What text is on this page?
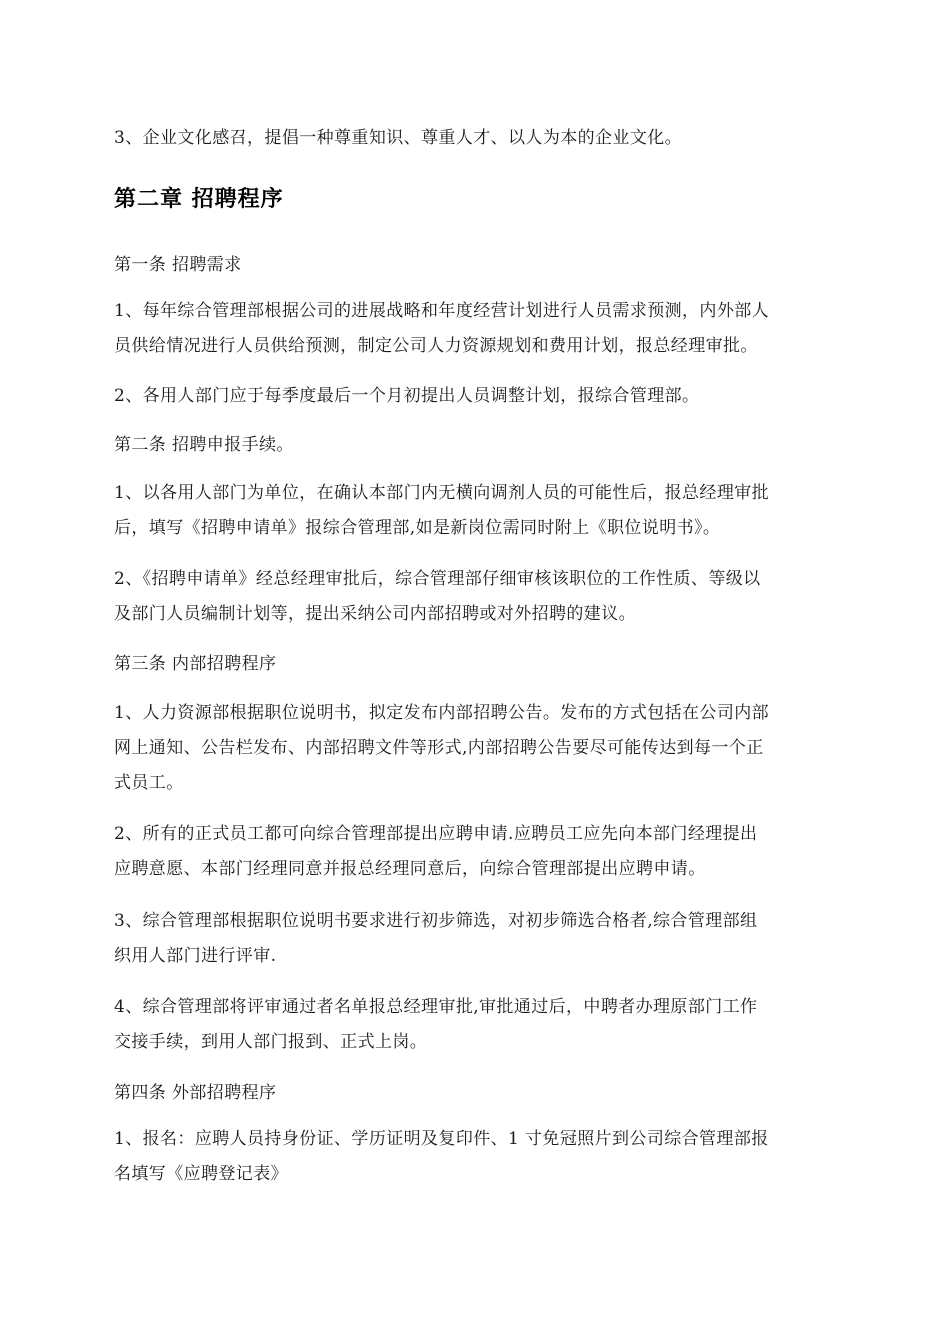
3、企业文化感召，提倡一种尊重知识、尊重人才、以人为本的企业文化。

第二章 招聘程序

第一条 招聘需求

1、每年综合管理部根据公司的进展战略和年度经营计划进行人员需求预测，内外部人
员供给情况进行人员供给预测，制定公司人力资源规划和费用计划，报总经理审批。

2、各用人部门应于每季度最后一个月初提出人员调整计划，报综合管理部。

第二条 招聘申报手续。

1、以各用人部门为单位，在确认本部门内无横向调剂人员的可能性后，报总经理审批
后，填写《招聘申请单》报综合管理部,如是新岗位需同时附上《职位说明书》。

2、《招聘申请单》经总经理审批后，综合管理部仔细审核该职位的工作性质、等级以
及部门人员编制计划等，提出采纳公司内部招聘或对外招聘的建议。

第三条 内部招聘程序

1、人力资源部根据职位说明书，拟定发布内部招聘公告。发布的方式包括在公司内部
网上通知、公告栏发布、内部招聘文件等形式,内部招聘公告要尽可能传达到每一个正
式员工。

2、所有的正式员工都可向综合管理部提出应聘申请.应聘员工应先向本部门经理提出
应聘意愿、本部门经理同意并报总经理同意后，向综合管理部提出应聘申请。

3、综合管理部根据职位说明书要求进行初步筛选，对初步筛选合格者,综合管理部组
织用人部门进行评审.

4、综合管理部将评审通过者名单报总经理审批,审批通过后，中聘者办理原部门工作
交接手续，到用人部门报到、正式上岗。

第四条 外部招聘程序

1、报名：应聘人员持身份证、学历证明及复印件、1 寸免冠照片到公司综合管理部报
名填写《应聘登记表》
